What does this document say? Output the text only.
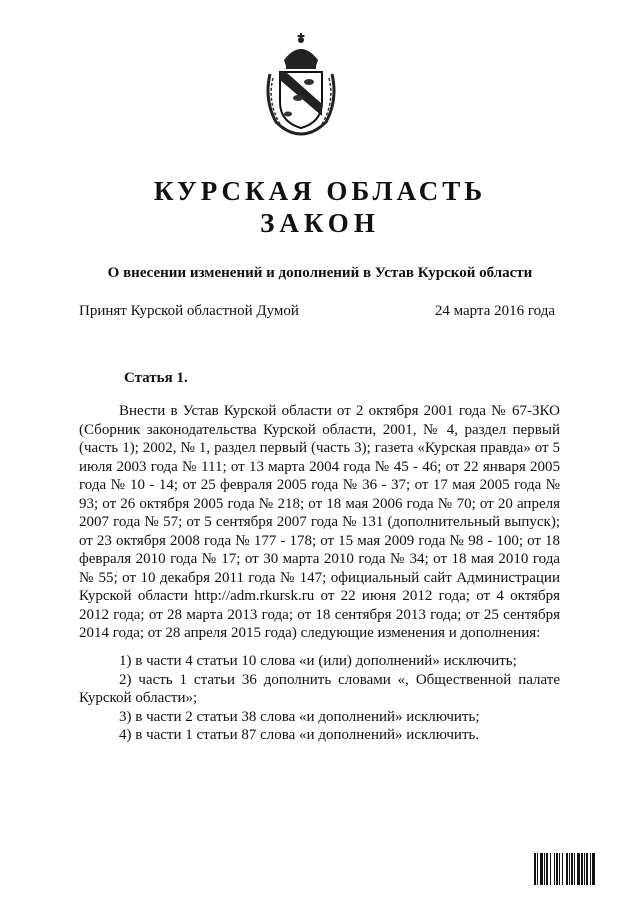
КУРСКАЯ ОБЛАСТЬ
ЗАКОН
О внесении изменений и дополнений в Устав Курской области
Принят Курской областной Думой	24 марта 2016 года
Статья 1.

Внести в Устав Курской области от 2 октября 2001 года № 67-ЗКО (Сборник законодательства Курской области, 2001, № 4, раздел первый (часть 1); 2002, № 1, раздел первый (часть 3); газета «Курская правда» от 5 июля 2003 года № 111; от 13 марта 2004 года № 45 - 46; от 22 января 2005 года № 10 - 14; от 25 февраля 2005 года № 36 - 37; от 17 мая 2005 года № 93; от 26 октября 2005 года № 218; от 18 мая 2006 года № 70; от 20 апреля 2007 года № 57; от 5 сентября 2007 года № 131 (дополнительный выпуск); от 23 октября 2008 года № 177 - 178; от 15 мая 2009 года № 98 - 100; от 18 февраля 2010 года № 17; от 30 марта 2010 года № 34; от 18 мая 2010 года № 55; от 10 декабря 2011 года № 147; официальный сайт Администрации Курской области http://adm.rkursk.ru от 22 июня 2012 года; от 4 октября 2012 года; от 28 марта 2013 года; от 18 сентября 2013 года; от 25 сентября 2014 года; от 28 апреля 2015 года) следующие изменения и дополнения:

1) в части 4 статьи 10 слова «и (или) дополнений» исключить;
2) часть 1 статьи 36 дополнить словами «, Общественной палате Курской области»;
3) в части 2 статьи 38 слова «и дополнений» исключить;
4) в части 1 статьи 87 слова «и дополнений» исключить.
